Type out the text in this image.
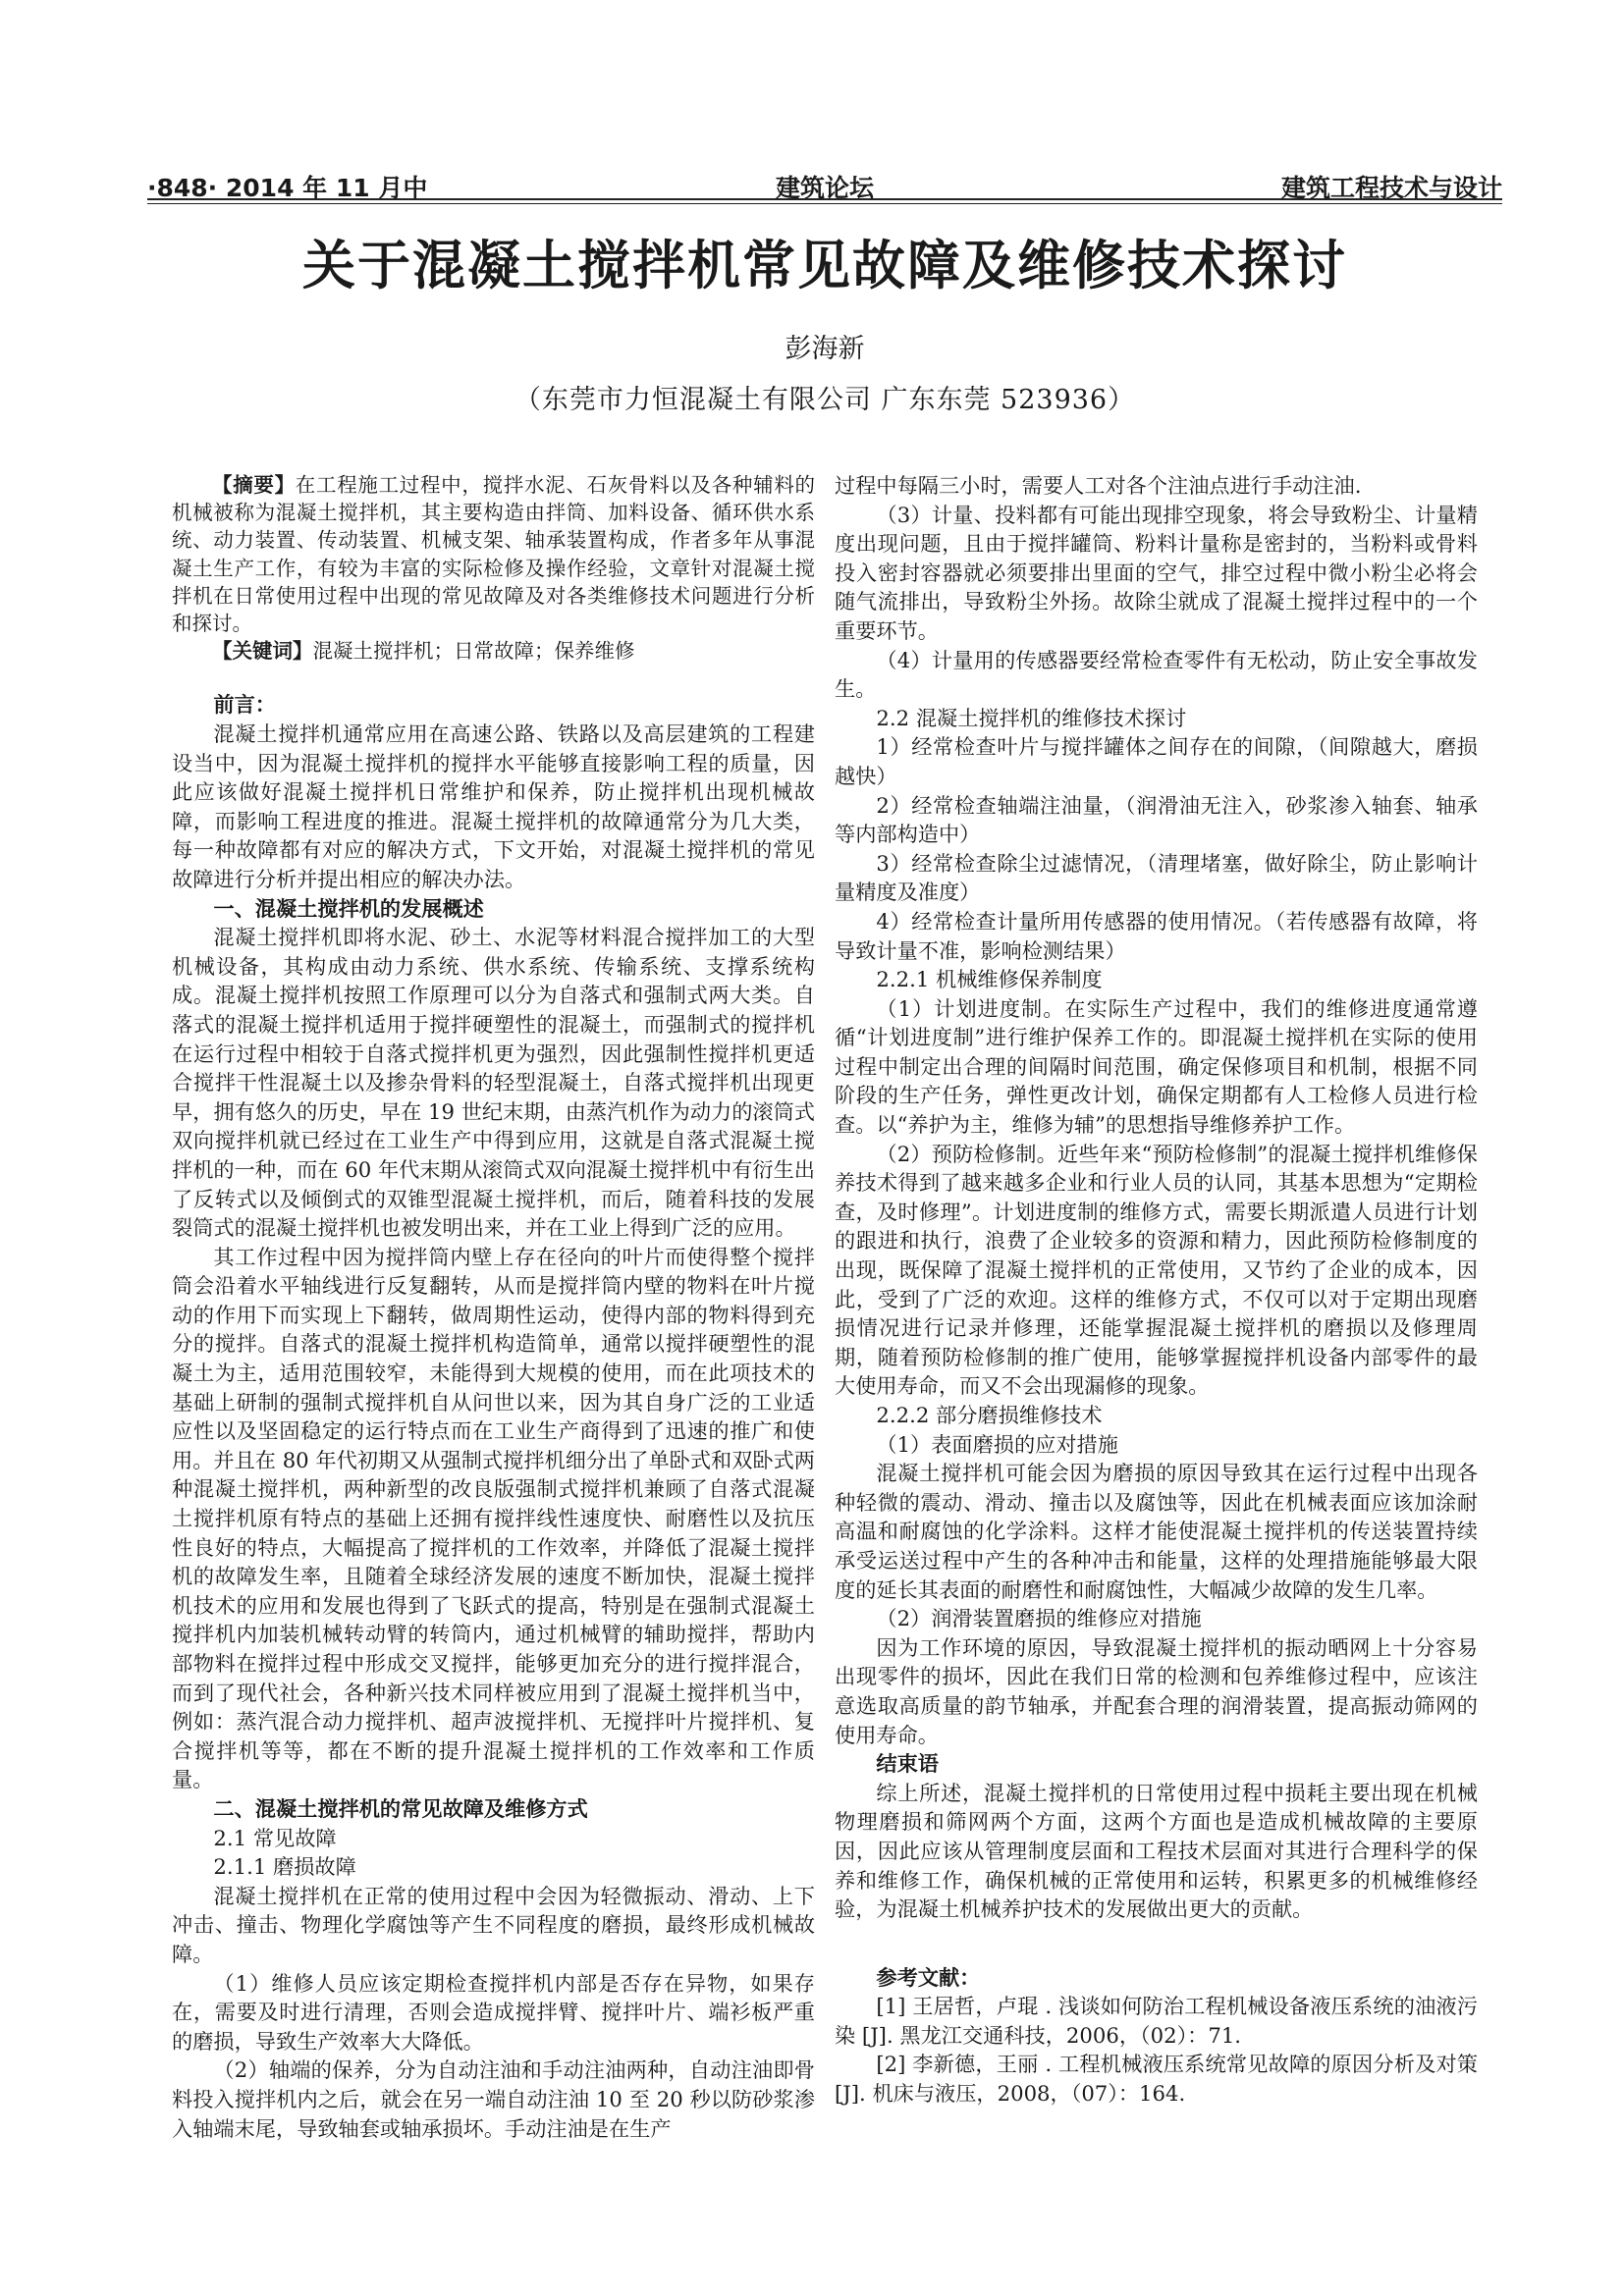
·848· 2014 年 11 月中	建筑论坛	建筑工程技术与设计
关于混凝土搅拌机常见故障及维修技术探讨
彭海新
（东莞市力恒混凝土有限公司 广东东莞 523936）

【摘要】在工程施工过程中，搅拌水泥、石灰骨料以及各种辅料的机械被称为混凝土搅拌机，其主要构造由拌筒、加料设备、循环供水系统、动力装置、传动装置、机械支架、轴承装置构成，作者多年从事混凝土生产工作，有较为丰富的实际检修及操作经验，文章针对混凝土搅拌机在日常使用过程中出现的常见故障及对各类维修技术问题进行分析和探讨。

【关键词】混凝土搅拌机；日常故障；保养维修

前言：

混凝土搅拌机通常应用在高速公路、铁路以及高层建筑的工程建设当中，因为混凝土搅拌机的搅拌水平能够直接影响工程的质量，因此应该做好混凝土搅拌机日常维护和保养，防止搅拌机出现机械故障，而影响工程进度的推进。混凝土搅拌机的故障通常分为几大类，每一种故障都有对应的解决方式，下文开始，对混凝土搅拌机的常见故障进行分析并提出相应的解决办法。

一、混凝土搅拌机的发展概述

混凝土搅拌机即将水泥、砂土、水泥等材料混合搅拌加工的大型机械设备，其构成由动力系统、供水系统、传输系统、支撑系统构成。混凝土搅拌机按照工作原理可以分为自落式和强制式两大类。自落式的混凝土搅拌机适用于搅拌硬塑性的混凝土，而强制式的搅拌机在运行过程中相较于自落式搅拌机更为强烈，因此强制性搅拌机更适合搅拌干性混凝土以及掺杂骨料的轻型混凝土，自落式搅拌机出现更早，拥有悠久的历史，早在 19 世纪末期，由蒸汽机作为动力的滚筒式双向搅拌机就已经过在工业生产中得到应用，这就是自落式混凝土搅拌机的一种，而在 60 年代末期从滚筒式双向混凝土搅拌机中有衍生出了反转式以及倾倒式的双锥型混凝土搅拌机，而后，随着科技的发展裂筒式的混凝土搅拌机也被发明出来，并在工业上得到广泛的应用。

其工作过程中因为搅拌筒内壁上存在径向的叶片而使得整个搅拌筒会沿着水平轴线进行反复翻转，从而是搅拌筒内壁的物料在叶片搅动的作用下而实现上下翻转，做周期性运动，使得内部的物料得到充分的搅拌。自落式的混凝土搅拌机构造简单，通常以搅拌硬塑性的混凝土为主，适用范围较窄，未能得到大规模的使用，而在此项技术的基础上研制的强制式搅拌机自从问世以来，因为其自身广泛的工业适应性以及坚固稳定的运行特点而在工业生产商得到了迅速的推广和使用。并且在 80 年代初期又从强制式搅拌机细分出了单卧式和双卧式两种混凝土搅拌机，两种新型的改良版强制式搅拌机兼顾了自落式混凝土搅拌机原有特点的基础上还拥有搅拌线性速度快、耐磨性以及抗压性良好的特点，大幅提高了搅拌机的工作效率，并降低了混凝土搅拌机的故障发生率，且随着全球经济发展的速度不断加快，混凝土搅拌机技术的应用和发展也得到了飞跃式的提高，特别是在强制式混凝土搅拌机内加装机械转动臂的转筒内，通过机械臂的辅助搅拌，帮助内部物料在搅拌过程中形成交叉搅拌，能够更加充分的进行搅拌混合，而到了现代社会，各种新兴技术同样被应用到了混凝土搅拌机当中，例如：蒸汽混合动力搅拌机、超声波搅拌机、无搅拌叶片搅拌机、复合搅拌机等等，都在不断的提升混凝土搅拌机的工作效率和工作质量。

二、混凝土搅拌机的常见故障及维修方式

2.1 常见故障

2.1.1 磨损故障

混凝土搅拌机在正常的使用过程中会因为轻微振动、滑动、上下冲击、撞击、物理化学腐蚀等产生不同程度的磨损，最终形成机械故障。

（1）维修人员应该定期检查搅拌机内部是否存在异物，如果存在，需要及时进行清理，否则会造成搅拌臂、搅拌叶片、端衫板严重的磨损，导致生产效率大大降低。

（2）轴端的保养，分为自动注油和手动注油两种，自动注油即骨料投入搅拌机内之后，就会在另一端自动注油 10 至 20 秒以防砂浆渗入轴端末尾，导致轴套或轴承损坏。手动注油是在生产

过程中每隔三小时，需要人工对各个注油点进行手动注油.

（3）计量、投料都有可能出现排空现象，将会导致粉尘、计量精度出现问题，且由于搅拌罐筒、粉料计量称是密封的，当粉料或骨料投入密封容器就必须要排出里面的空气，排空过程中微小粉尘必将会随气流排出，导致粉尘外扬。故除尘就成了混凝土搅拌过程中的一个重要环节。

（4）计量用的传感器要经常检查零件有无松动，防止安全事故发生。

2.2 混凝土搅拌机的维修技术探讨

1）经常检查叶片与搅拌罐体之间存在的间隙，（间隙越大，磨损越快）

2）经常检查轴端注油量，（润滑油无注入，砂浆渗入轴套、轴承等内部构造中）

3）经常检查除尘过滤情况，（清理堵塞，做好除尘，防止影响计量精度及准度）

4）经常检查计量所用传感器的使用情况。（若传感器有故障，将导致计量不准，影响检测结果）

2.2.1 机械维修保养制度

（1）计划进度制。在实际生产过程中，我们的维修进度通常遵循“计划进度制”进行维护保养工作的。即混凝土搅拌机在实际的使用过程中制定出合理的间隔时间范围，确定保修项目和机制，根据不同阶段的生产任务，弹性更改计划，确保定期都有人工检修人员进行检查。以“养护为主，维修为辅”的思想指导维修养护工作。

（2）预防检修制。近些年来“预防检修制”的混凝土搅拌机维修保养技术得到了越来越多企业和行业人员的认同，其基本思想为“定期检查，及时修理”。计划进度制的维修方式，需要长期派遣人员进行计划的跟进和执行，浪费了企业较多的资源和精力，因此预防检修制度的出现，既保障了混凝土搅拌机的正常使用，又节约了企业的成本，因此，受到了广泛的欢迎。这样的维修方式，不仅可以对于定期出现磨损情况进行记录并修理，还能掌握混凝土搅拌机的磨损以及修理周期，随着预防检修制的推广使用，能够掌握搅拌机设备内部零件的最大使用寿命，而又不会出现漏修的现象。

2.2.2 部分磨损维修技术

（1）表面磨损的应对措施

混凝土搅拌机可能会因为磨损的原因导致其在运行过程中出现各种轻微的震动、滑动、撞击以及腐蚀等，因此在机械表面应该加涂耐高温和耐腐蚀的化学涂料。这样才能使混凝土搅拌机的传送装置持续承受运送过程中产生的各种冲击和能量，这样的处理措施能够最大限度的延长其表面的耐磨性和耐腐蚀性，大幅减少故障的发生几率。

（2）润滑装置磨损的维修应对措施

因为工作环境的原因，导致混凝土搅拌机的振动晒网上十分容易出现零件的损坏，因此在我们日常的检测和包养维修过程中，应该注意选取高质量的韵节轴承，并配套合理的润滑装置，提高振动筛网的使用寿命。

结束语

综上所述，混凝土搅拌机的日常使用过程中损耗主要出现在机械物理磨损和筛网两个方面，这两个方面也是造成机械故障的主要原因，因此应该从管理制度层面和工程技术层面对其进行合理科学的保养和维修工作，确保机械的正常使用和运转，积累更多的机械维修经验，为混凝土机械养护技术的发展做出更大的贡献。

参考文献：

[1] 王居哲，卢琨 . 浅谈如何防治工程机械设备液压系统的油液污染 [J]. 黑龙江交通科技，2006，（02）：71.

[2] 李新德，王丽 . 工程机械液压系统常见故障的原因分析及对策 [J]. 机床与液压，2008，（07）：164.
